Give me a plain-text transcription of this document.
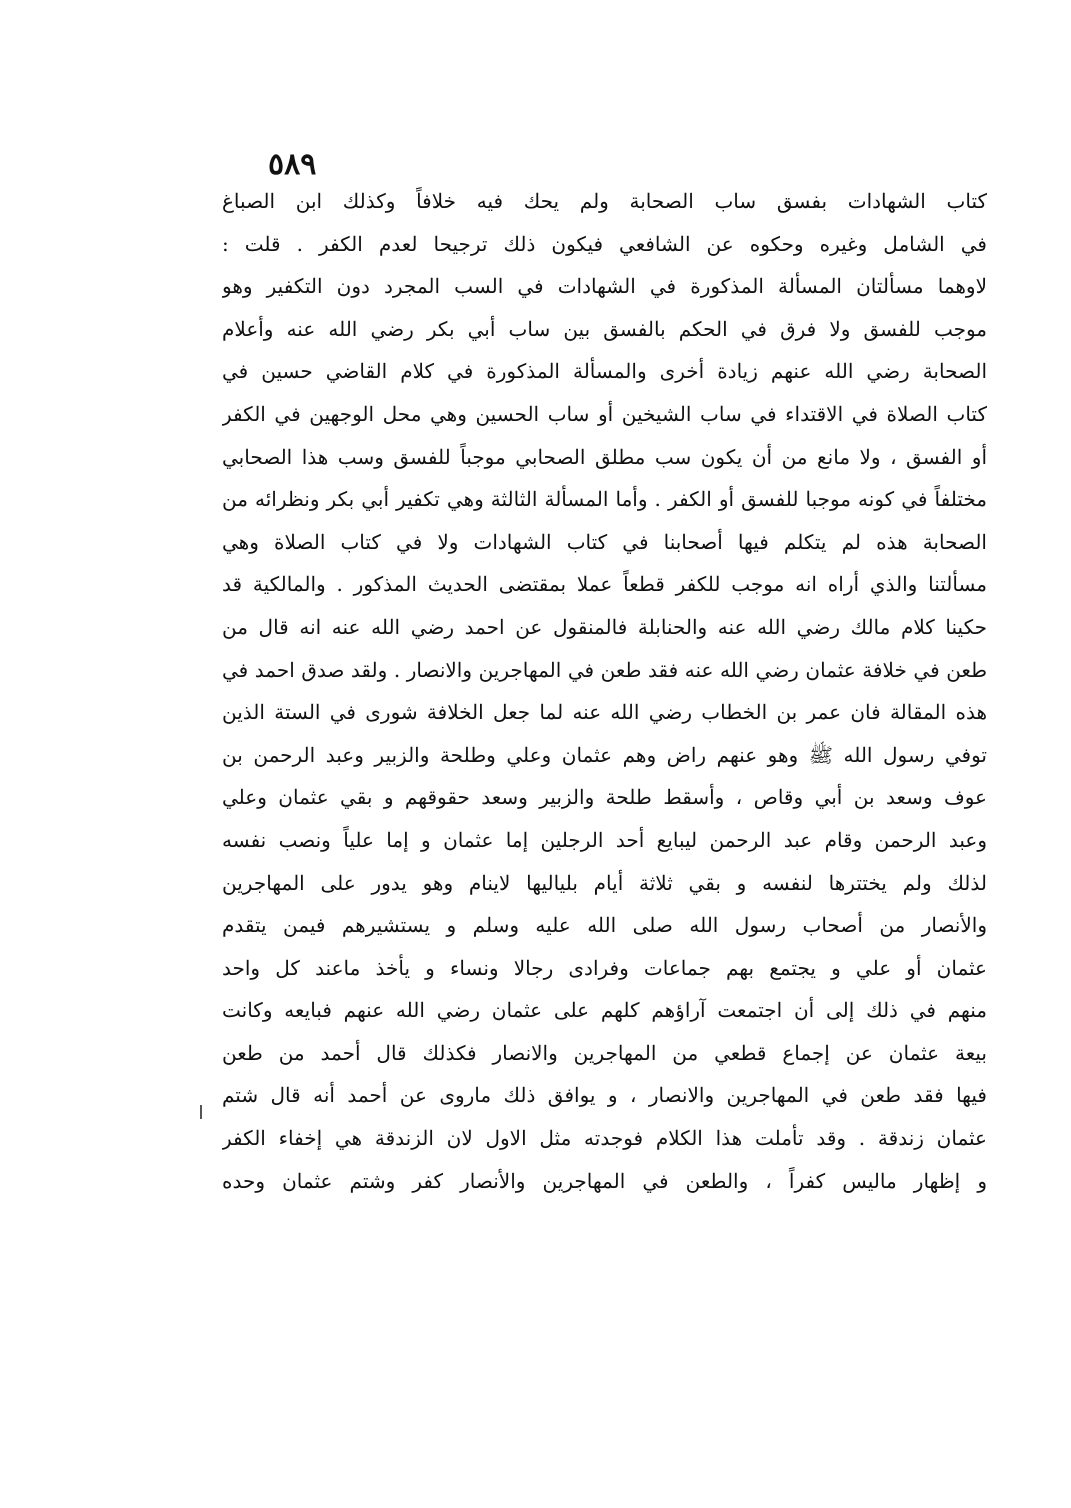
٥٨٩
كتاب الشهادات بفسق ساب الصحابة ولم يحك فيه خلافاً وكذلك ابن الصباغ
في الشامل وغيره وحكوه عن الشافعي فيكون ذلك ترجيحا لعدم الكفر . قلت :
لاوهما مسألتان المسألة المذكورة في الشهادات في السب المجرد دون التكفير وهو
موجب للفسق ولا فرق في الحكم بالفسق بين ساب أبي بكر رضي الله عنه وأعلام
الصحابة رضي الله عنهم زيادة أخرى والمسألة المذكورة في كلام القاضي حسين في
كتاب الصلاة في الاقتداء في ساب الشيخين أو ساب الحسين وهي محل الوجهين في الكفر
أو الفسق ، ولا مانع من أن يكون سب مطلق الصحابي موجباً للفسق وسب هذا الصحابي
مختلفاً في كونه موجبا للفسق أو الكفر . وأما المسألة الثالثة وهي تكفير أبي بكر ونظرائه من
الصحابة هذه لم يتكلم فيها أصحابنا في كتاب الشهادات ولا في كتاب الصلاة وهي
مسألتنا والذي أراه انه موجب للكفر قطعاً عملا بمقتضى الحديث المذكور . والمالكية قد
حكينا كلام مالك رضي الله عنه والحنابلة فالمنقول عن احمد رضي الله عنه انه قال من
طعن في خلافة عثمان رضي الله عنه فقد طعن في المهاجرين والانصار . ولقد صدق احمد في
هذه المقالة فان عمر بن الخطاب رضي الله عنه لما جعل الخلافة شورى في الستة الذين
توفي رسول الله ﷺ وهو عنهم راض وهم عثمان وعلي وطلحة والزبير وعبد الرحمن بن
عوف وسعد بن أبي وقاص ، وأسقط طلحة والزبير وسعد حقوقهم و بقي عثمان وعلي
وعبد الرحمن وقام عبد الرحمن ليبايع أحد الرجلين إما عثمان و إما علياً ونصب نفسه
لذلك ولم يختترها لنفسه و بقي ثلاثة أيام بلياليها لاينام وهو يدور على المهاجرين
والأنصار من أصحاب رسول الله صلى الله عليه وسلم و يستشيرهم فيمن يتقدم
عثمان أو علي و يجتمع بهم جماعات وفرادى رجالا ونساء و يأخذ ماعند كل واحد
منهم في ذلك إلى أن اجتمعت آراؤهم كلهم على عثمان رضي الله عنهم فبايعه وكانت
بيعة عثمان عن إجماع قطعي من المهاجرين والانصار فكذلك قال أحمد من طعن
فيها فقد طعن في المهاجرين والانصار ، و يوافق ذلك ماروى عن أحمد أنه قال شتم
عثمان زندقة . وقد تأملت هذا الكلام فوجدته مثل الاول لان الزندقة هي إخفاء الكفر
و إظهار ماليس كفراً ، والطعن في المهاجرين والأنصار كفر وشتم عثمان وحده
